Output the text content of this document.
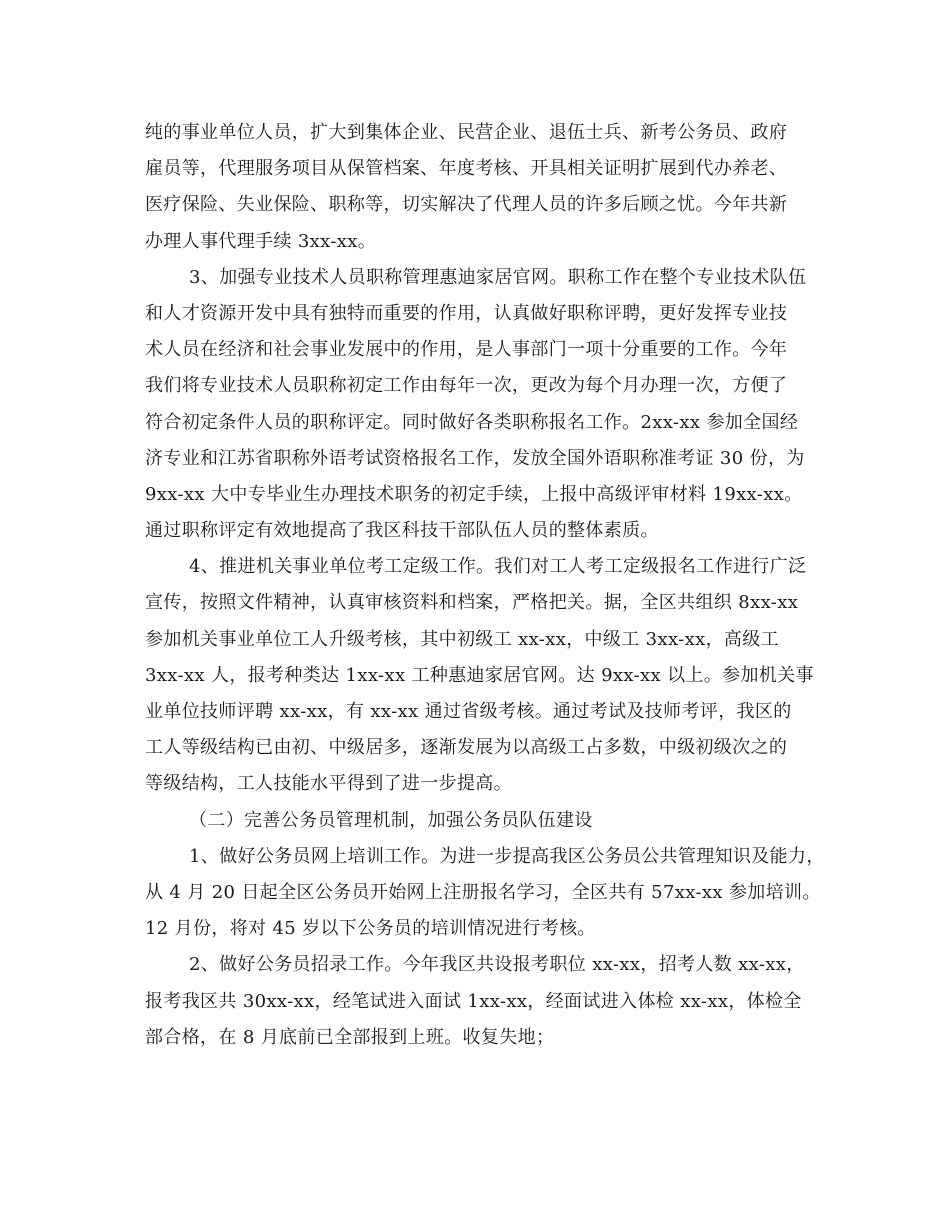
纯的事业单位人员，扩大到集体企业、民营企业、退伍士兵、新考公务员、政府
雇员等，代理服务项目从保管档案、年度考核、开具相关证明扩展到代办养老、
医疗保险、失业保险、职称等，切实解决了代理人员的许多后顾之忧。今年共新
办理人事代理手续 3xx-xx。
3、加强专业技术人员职称管理惠迪家居官网。职称工作在整个专业技术队伍
和人才资源开发中具有独特而重要的作用，认真做好职称评聘，更好发挥专业技
术人员在经济和社会事业发展中的作用，是人事部门一项十分重要的工作。今年
我们将专业技术人员职称初定工作由每年一次，更改为每个月办理一次，方便了
符合初定条件人员的职称评定。同时做好各类职称报名工作。2xx-xx 参加全国经
济专业和江苏省职称外语考试资格报名工作，发放全国外语职称准考证 30 份，为
9xx-xx 大中专毕业生办理技术职务的初定手续，上报中高级评审材料 19xx-xx。
通过职称评定有效地提高了我区科技干部队伍人员的整体素质。
4、推进机关事业单位考工定级工作。我们对工人考工定级报名工作进行广泛
宣传，按照文件精神，认真审核资料和档案，严格把关。据，全区共组织 8xx-xx
参加机关事业单位工人升级考核，其中初级工 xx-xx，中级工 3xx-xx，高级工
3xx-xx 人，报考种类达 1xx-xx 工种惠迪家居官网。达 9xx-xx 以上。参加机关事
业单位技师评聘 xx-xx，有 xx-xx 通过省级考核。通过考试及技师考评，我区的
工人等级结构已由初、中级居多，逐渐发展为以高级工占多数，中级初级次之的
等级结构，工人技能水平得到了进一步提高。
（二）完善公务员管理机制，加强公务员队伍建设
1、做好公务员网上培训工作。为进一步提高我区公务员公共管理知识及能力，
从 4 月 20 日起全区公务员开始网上注册报名学习，全区共有 57xx-xx 参加培训。
12 月份，将对 45 岁以下公务员的培训情况进行考核。
2、做好公务员招录工作。今年我区共设报考职位 xx-xx，招考人数 xx-xx，
报考我区共 30xx-xx，经笔试进入面试 1xx-xx，经面试进入体检 xx-xx，体检全
部合格，在 8 月底前已全部报到上班。收复失地；
